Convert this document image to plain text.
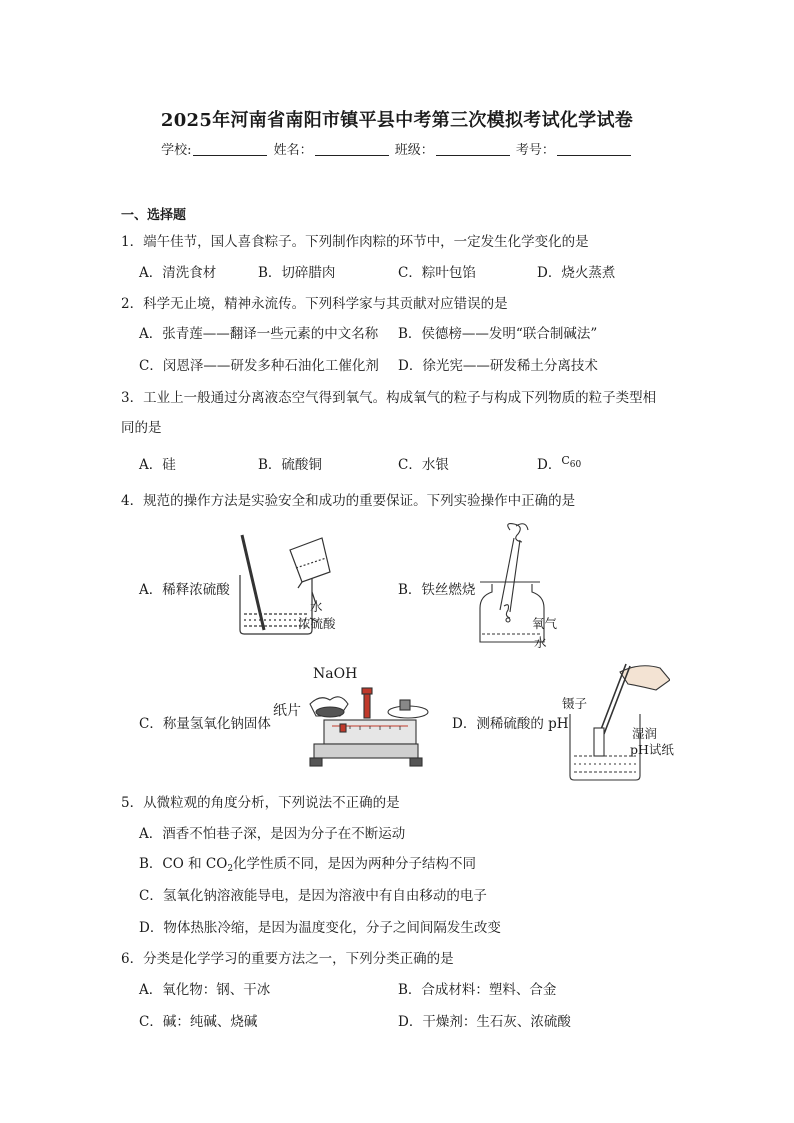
2025年河南省南阳市镇平县中考第三次模拟考试化学试卷
学校:	姓名：	班级：	考号：
一、选择题
1．端午佳节，国人喜食粽子。下列制作肉粽的环节中，一定发生化学变化的是
A．清洗食材	B．切碎腊肉	C．粽叶包馅	D．烧火蒸煮
2．科学无止境，精神永流传。下列科学家与其贡献对应错误的是
A．张青莲——翻译一些元素的中文名称 B．侯德榜——发明“联合制碱法”
C．闵恩泽——研发多种石油化工催化剂 D．徐光宪——研发稀土分离技术
3．工业上一般通过分离液态空气得到氧气。构成氧气的粒子与构成下列物质的粒子类型相
同的是
A．硅	B．硫酸铜	C．水银	D．$^{C_{60}}$
4．规范的操作方法是实验安全和成功的重要保证。下列实验操作中正确的是
A．稀释浓硫酸	B．铁丝燃烧
C．称量氢氧化钠固体	D．测稀硫酸的 pH
水
浓硫酸	氧气
水
NaOH
纸片	镊子
湿润
pH试纸
5．从微粒观的角度分析，下列说法不正确的是
A．酒香不怕巷子深，是因为分子在不断运动
B．CO 和 $CO_2$化学性质不同，是因为两种分子结构不同
C．氢氧化钠溶液能导电，是因为溶液中有自由移动的电子
D．物体热胀冷缩，是因为温度变化，分子之间间隔发生改变
6．分类是化学学习的重要方法之一，下列分类正确的是
A．氧化物：钢、干冰	B．合成材料：塑料、合金
C．碱：纯碱、烧碱	D．干燥剂：生石灰、浓硫酸
